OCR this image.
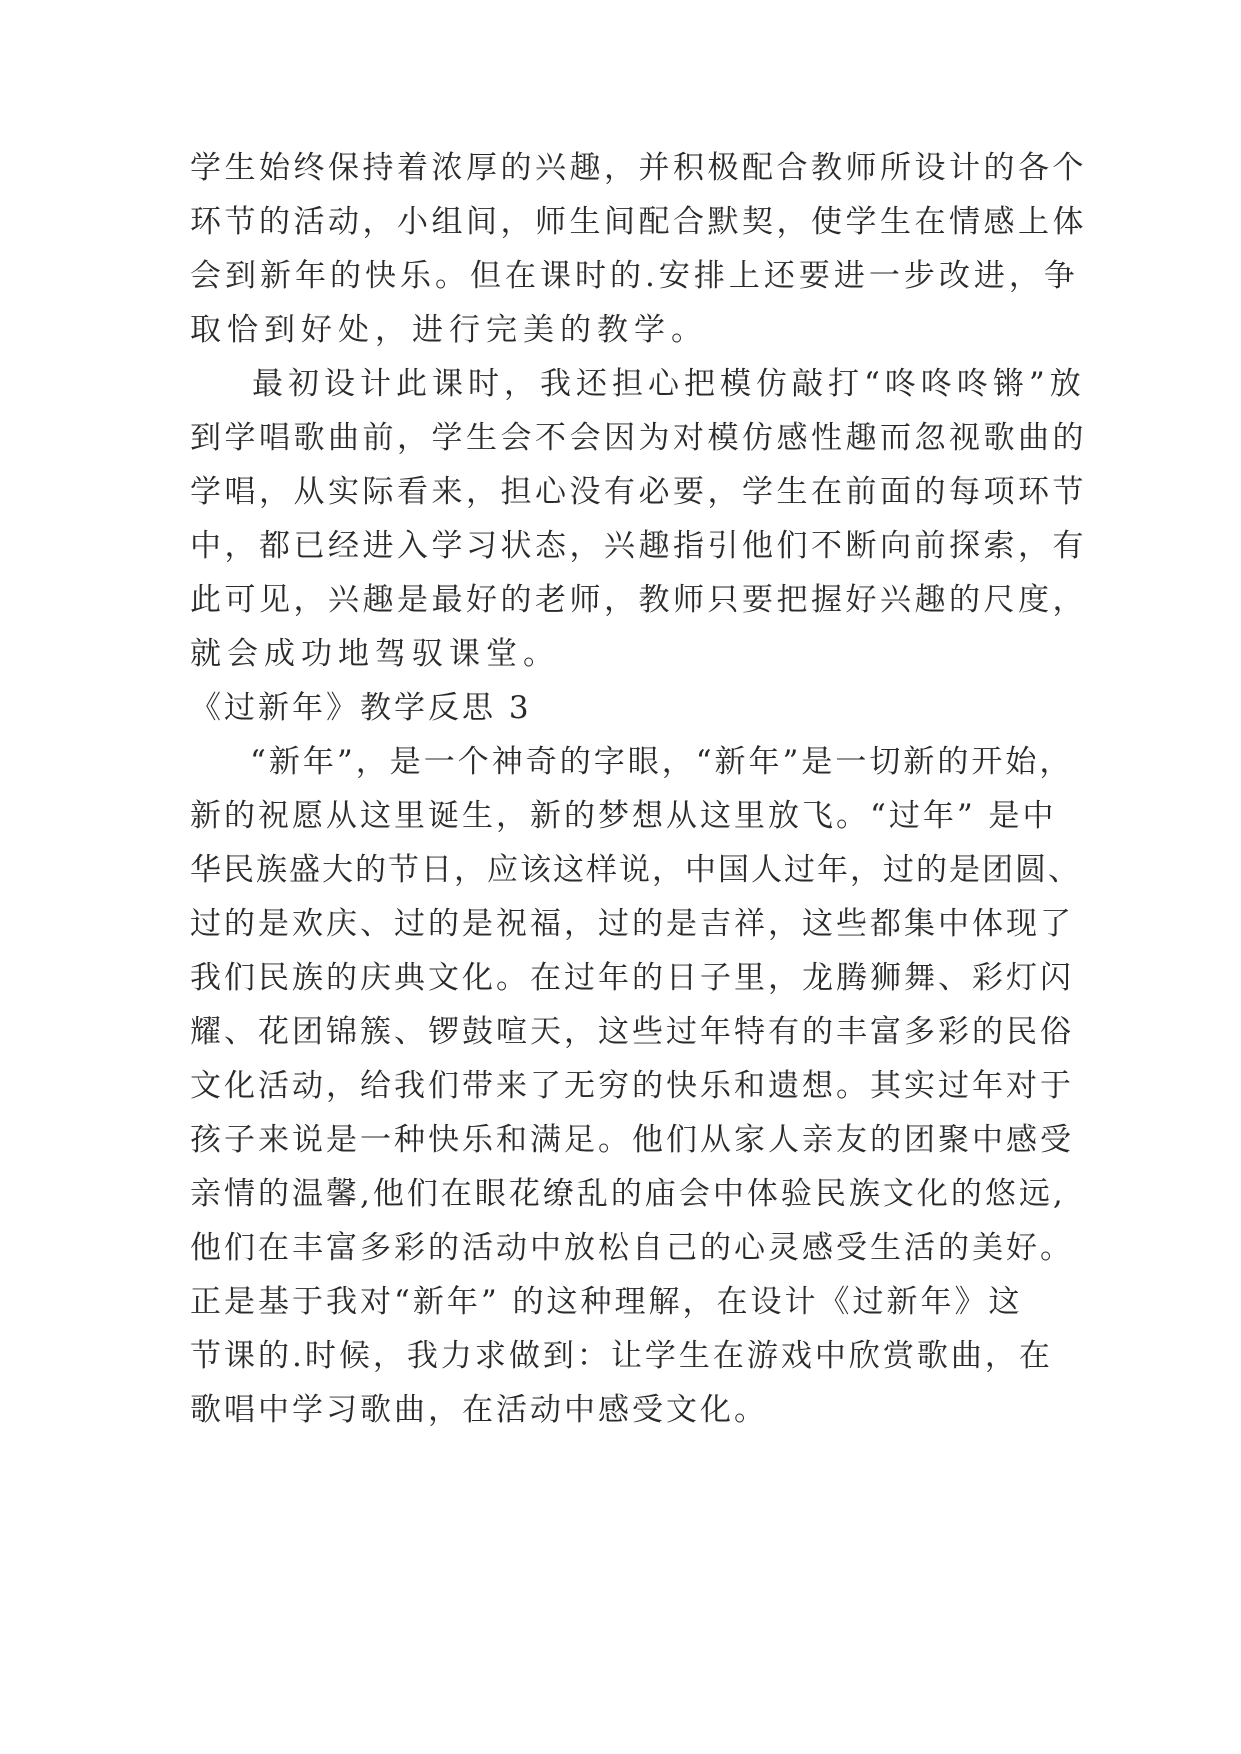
学生始终保持着浓厚的兴趣，并积极配合教师所设计的各个
环节的活动，小组间，师生间配合默契，使学生在情感上体
会到新年的快乐。但在课时的.安排上还要进一步改进，争
取恰到好处，进行完美的教学。
最初设计此课时，我还担心把模仿敲打“咚咚咚锵”放
到学唱歌曲前，学生会不会因为对模仿感性趣而忽视歌曲的
学唱，从实际看来，担心没有必要，学生在前面的每项环节
中，都已经进入学习状态，兴趣指引他们不断向前探索，有
此可见，兴趣是最好的老师，教师只要把握好兴趣的尺度，
就会成功地驾驭课堂。
《过新年》教学反思 3
“新年”，是一个神奇的字眼，“新年”是一切新的开始，
新的祝愿从这里诞生，新的梦想从这里放飞。“过年” 是中
华民族盛大的节日，应该这样说，中国人过年，过的是团圆、
过的是欢庆、过的是祝福，过的是吉祥，这些都集中体现了
我们民族的庆典文化。在过年的日子里，龙腾狮舞、彩灯闪
耀、花团锦簇、锣鼓喧天，这些过年特有的丰富多彩的民俗
文化活动，给我们带来了无穷的快乐和遗想。其实过年对于
孩子来说是一种快乐和满足。他们从家人亲友的团聚中感受
亲情的温馨,他们在眼花缭乱的庙会中体验民族文化的悠远,
他们在丰富多彩的活动中放松自己的心灵感受生活的美好。
正是基于我对“新年” 的这种理解，在设计《过新年》这
节课的.时候，我力求做到：让学生在游戏中欣赏歌曲，在
歌唱中学习歌曲，在活动中感受文化。
